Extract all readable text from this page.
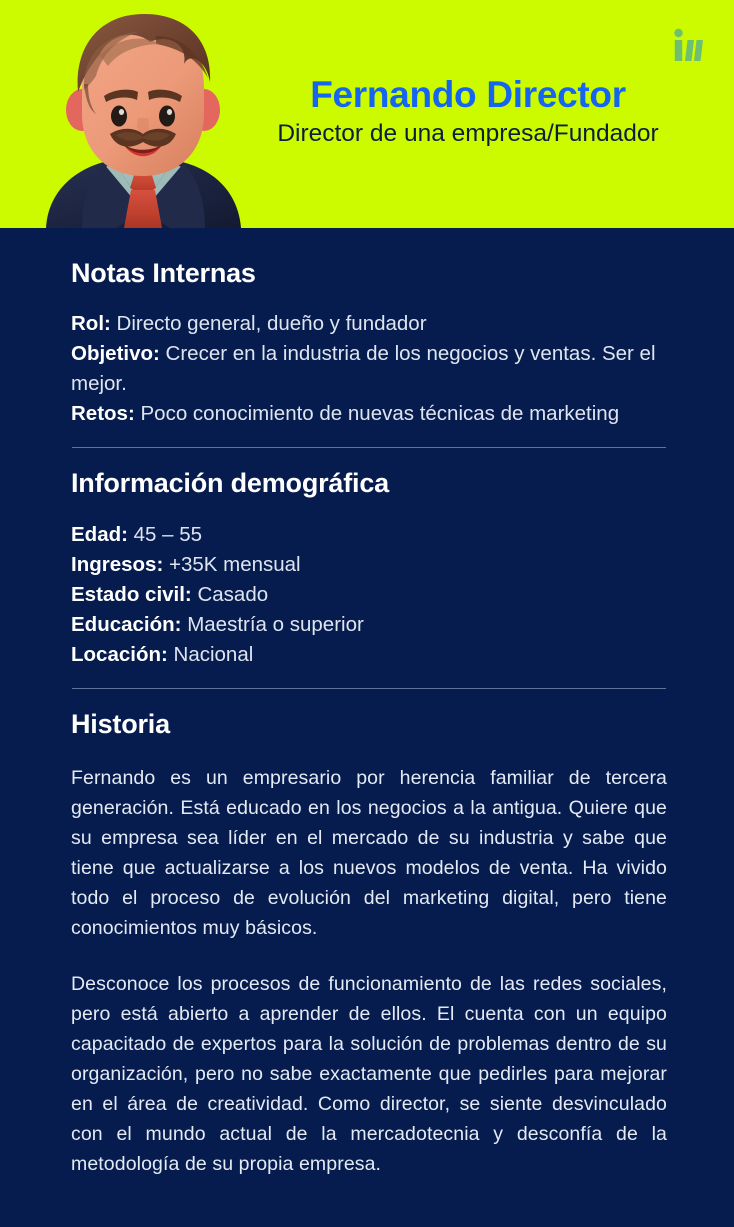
Fernando Director
Director de una empresa/Fundador
Notas Internas
Rol: Directo general, dueño y fundador
Objetivo: Crecer en la industria de los negocios y ventas. Ser el mejor.
Retos: Poco conocimiento de nuevas técnicas de marketing
Información demográfica
Edad: 45 – 55
Ingresos: +35K mensual
Estado civil: Casado
Educación: Maestría o superior
Locación: Nacional
Historia

Fernando es un empresario por herencia familiar de tercera generación. Está educado en los negocios a la antigua. Quiere que su empresa sea líder en el mercado de su industria y sabe que tiene que actualizarse a los nuevos modelos de venta. Ha vivido todo el proceso de evolución del marketing digital, pero tiene conocimientos muy básicos.

Desconoce los procesos de funcionamiento de las redes sociales, pero está abierto a aprender de ellos. El cuenta con un equipo capacitado de expertos para la solución de problemas dentro de su organización, pero no sabe exactamente que pedirles para mejorar en el área de creatividad. Como director, se siente desvinculado con el mundo actual de la mercadotecnia y desconfía de la metodología de su propia empresa.
